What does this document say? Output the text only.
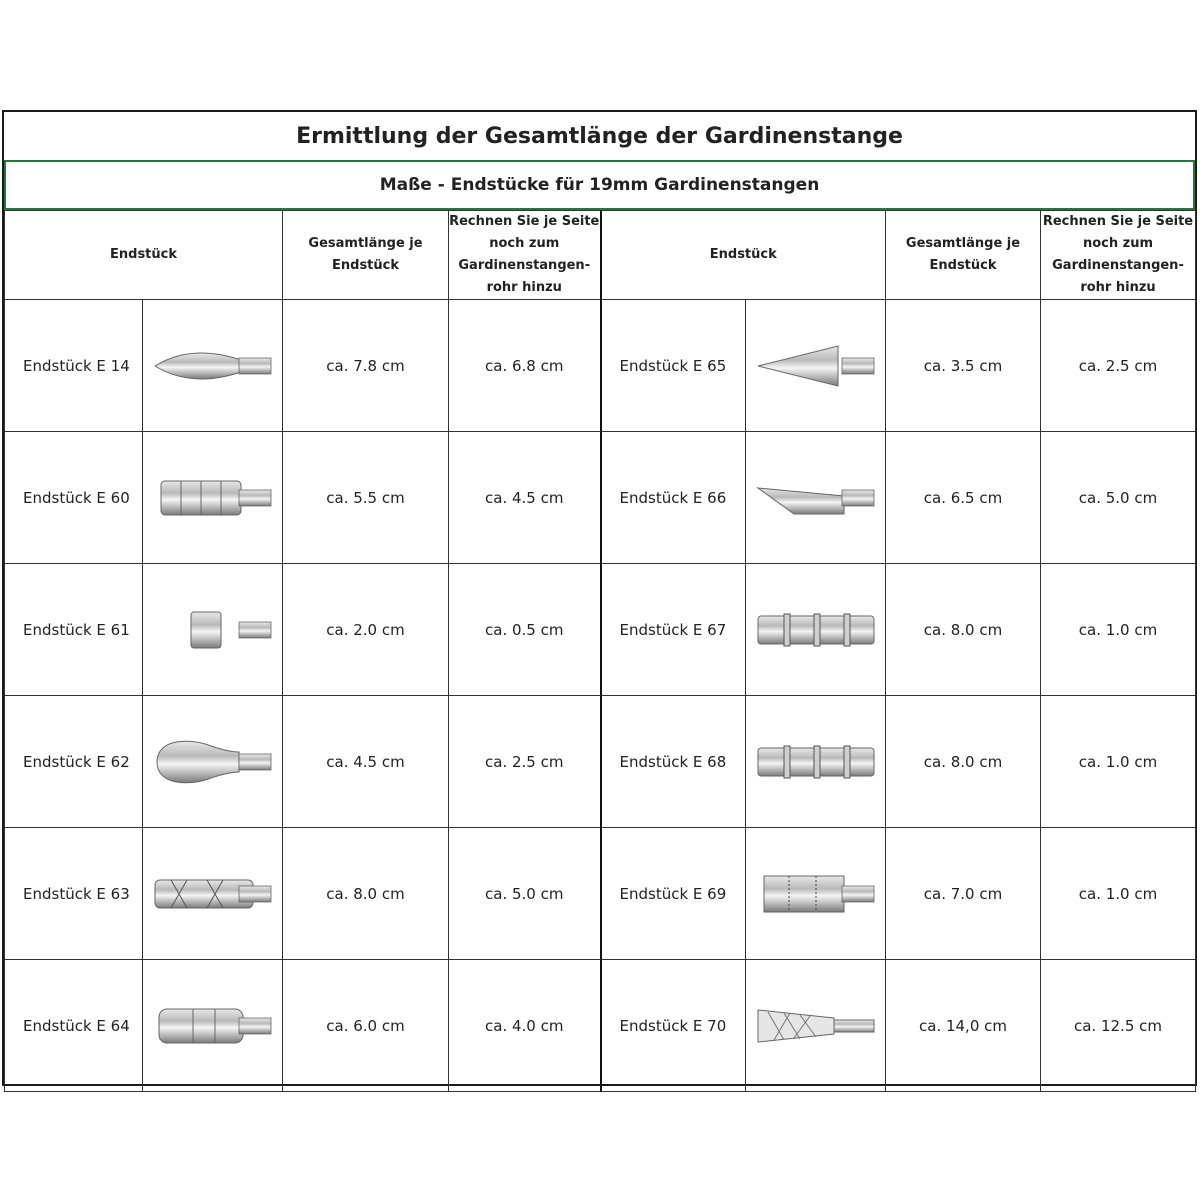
Ermittlung der Gesamtlänge der Gardinenstange
Maße - Endstücke für 19mm Gardinenstangen
Endstück		Gesamtlänge je Endstück	Rechnen Sie je Seite noch zum Gardinenstangen-rohr hinzu	Endstück		Gesamtlänge je Endstück	Rechnen Sie je Seite noch zum Gardinenstangen-rohr hinzu
Endstück E 14		ca. 7.8 cm	ca. 6.8 cm	Endstück E 65		ca. 3.5 cm	ca. 2.5 cm
Endstück E 60		ca. 5.5 cm	ca. 4.5 cm	Endstück E 66		ca. 6.5 cm	ca. 5.0 cm
Endstück E 61		ca. 2.0 cm	ca. 0.5 cm	Endstück E 67		ca. 8.0 cm	ca. 1.0 cm
Endstück E 62		ca. 4.5 cm	ca. 2.5 cm	Endstück E 68		ca. 8.0 cm	ca. 1.0 cm
Endstück E 63		ca. 8.0 cm	ca. 5.0 cm	Endstück E 69		ca. 7.0 cm	ca. 1.0 cm
Endstück E 64		ca. 6.0 cm	ca. 4.0 cm	Endstück E 70		ca. 14,0 cm	ca. 12.5 cm
